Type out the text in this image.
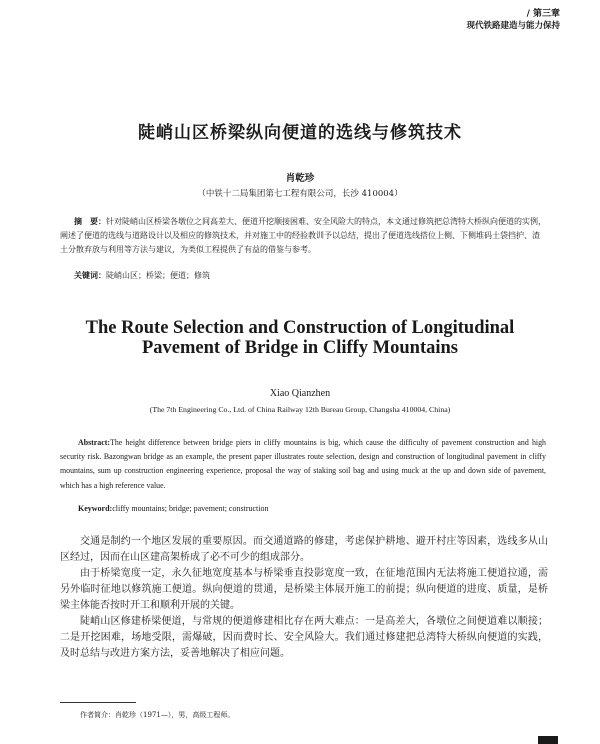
/ 第三章
现代铁路建造与能力保持
陡峭山区桥梁纵向便道的选线与修筑技术
肖乾珍
（中铁十二局集团第七工程有限公司，长沙 410004）
摘　要：针对陡峭山区桥梁各墩位之间高差大、便道开挖顺接困难、安全风险大的特点，本文通过修筑把总湾特大桥纵向便道的实例，阐述了便道的选线与道路设计以及相应的修筑技术，并对施工中的经验教训予以总结，提出了便道选线搭位上侧、下侧堆码土袋挡护、渣土分散弃放与利用等方法与建议，为类似工程提供了有益的借鉴与参考。
关键词：陡峭山区；桥梁；便道；修筑
The Route Selection and Construction of Longitudinal
Pavement of Bridge in Cliffy Mountains
Xiao Qianzhen
(The 7th Engineering Co., Ltd. of China Railway 12th Bureau Group, Changsha 410004, China)
Abstract:The height difference between bridge piers in cliffy mountains is big, which cause the difficulty of pavement construction and high security risk. Bazongwan bridge as an example, the present paper illustrates route selection, design and construction of longitudinal pavement in cliffy mountains, sum up construction engineering experience, proposal the way of staking soil bag and using muck at the up and down side of pavement, which has a high reference value.
Keyword:cliffy mountains; bridge; pavement; construction

交通是制约一个地区发展的重要原因。而交通道路的修建，考虑保护耕地、避开村庄等因素，选线多从山区经过，因而在山区建高架桥成了必不可少的组成部分。

由于桥梁宽度一定，永久征地宽度基本与桥梁垂直投影宽度一致，在征地范围内无法将施工便道拉通，需另外临时征地以修筑施工便道。纵向便道的贯通，是桥梁主体展开施工的前提；纵向便道的进度、质量，是桥梁主体能否按时开工和顺利开展的关键。

陡峭山区修建桥梁便道，与常规的便道修建相比存在两大难点：一是高差大，各墩位之间便道难以顺接；二是开挖困难，场地受限，需爆破，因而费时长、安全风险大。我们通过修建把总湾特大桥纵向便道的实践，及时总结与改进方案方法，妥善地解决了相应问题。

作者简介：肖乾珍（1971—），男，高级工程师。
